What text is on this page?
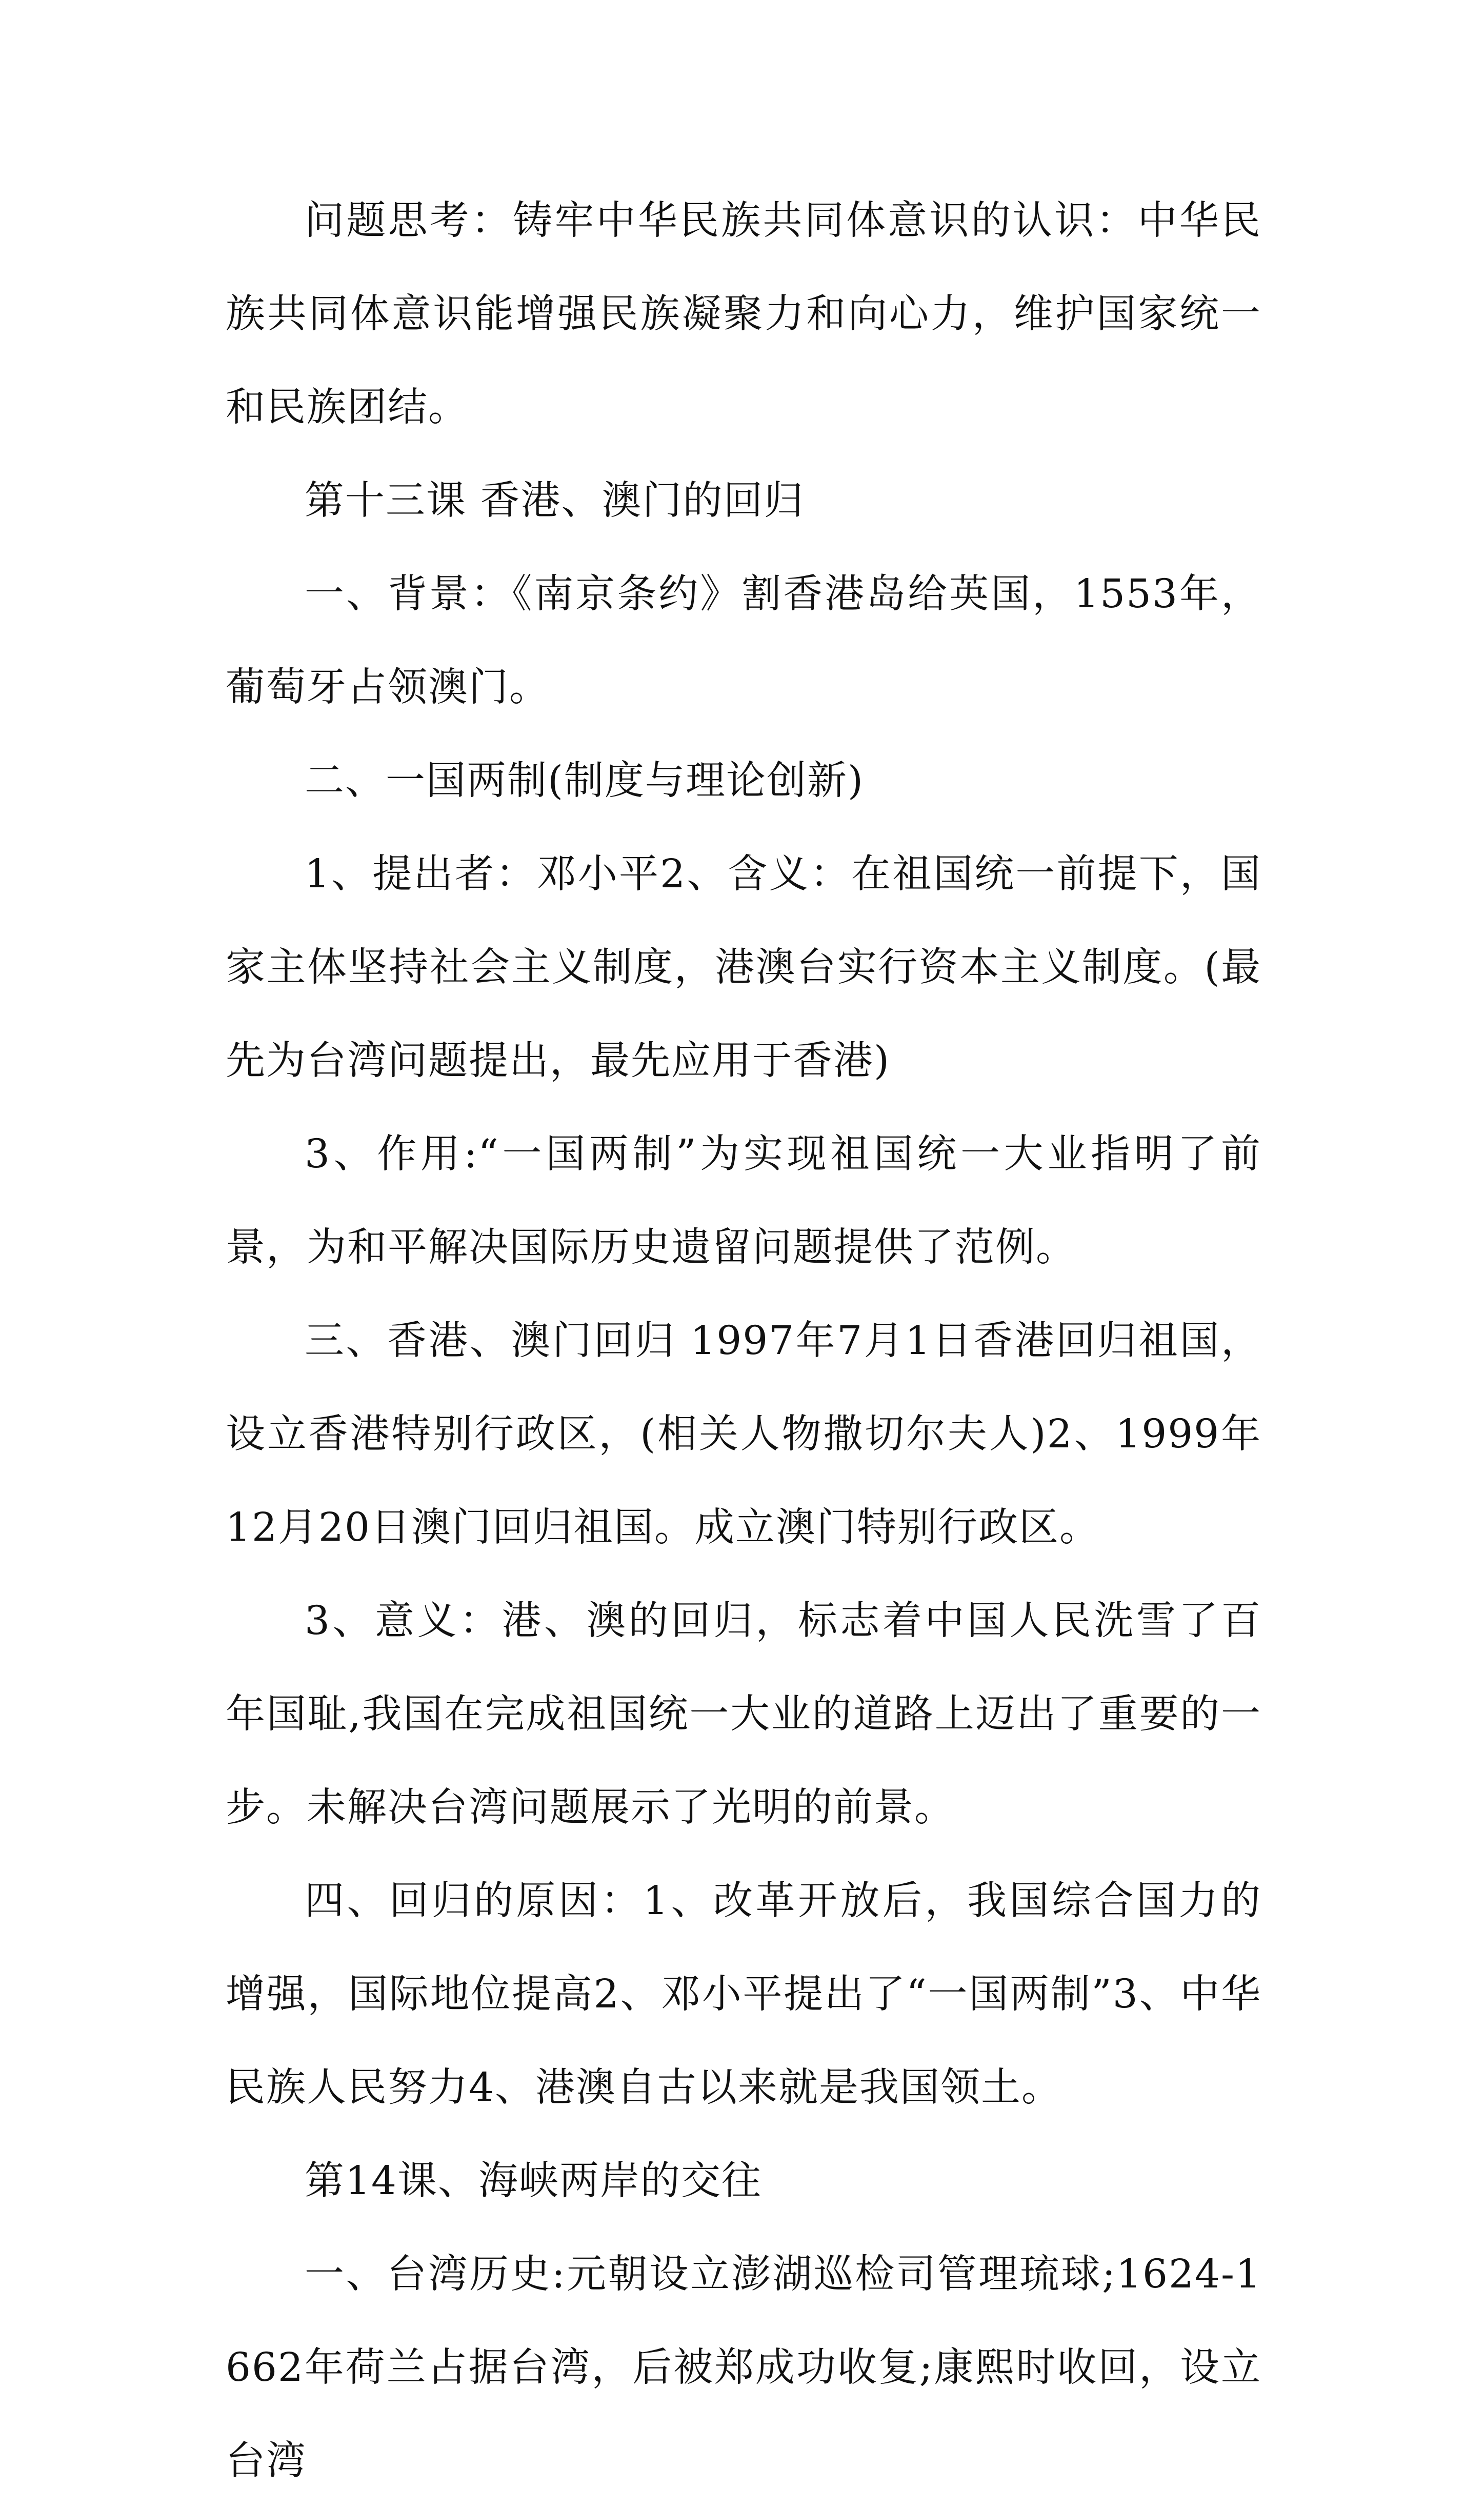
问题思考：铸牢中华民族共同体意识的认识：中华民族共同体意识能增强民族凝聚力和向心力，维护国家统一和民族团结。

第十三课 香港、澳门的回归

一、背景：《南京条约》割香港岛给英国，1553年，葡萄牙占领澳门。

二、一国两制(制度与理论创新)

1、提出者：邓小平2、含义：在祖国统一前提下，国家主体坚持社会主义制度，港澳台实行资本主义制度。(最先为台湾问题提出，最先应用于香港)

3、作用:“一国两制”为实现祖国统一大业指明了前景，为和平解决国际历史遗留问题提供了范例。

三、香港、澳门回归 1997年7月1日香港回归祖国，设立香港特别行政区，(相关人物撒切尔夫人)2、1999年12月20日澳门回归祖国。成立澳门特别行政区。

3、意义：港、澳的回归，标志着中国人民洗雪了百年国耻,我国在完成祖国统一大业的道路上迈出了重要的一步。未解决台湾问题展示了光明的前景。

四、回归的原因：1、改革开放后，我国综合国力的增强，国际地位提高2、邓小平提出了“一国两制”3、中华民族人民努力4、港澳自古以来就是我国领土。

第14课、海峡两岸的交往

一、台湾历史:元朝设立澎湖巡检司管理琉球;1624-1662年荷兰占据台湾，后被郑成功收复;康熙时收回，设立台湾
